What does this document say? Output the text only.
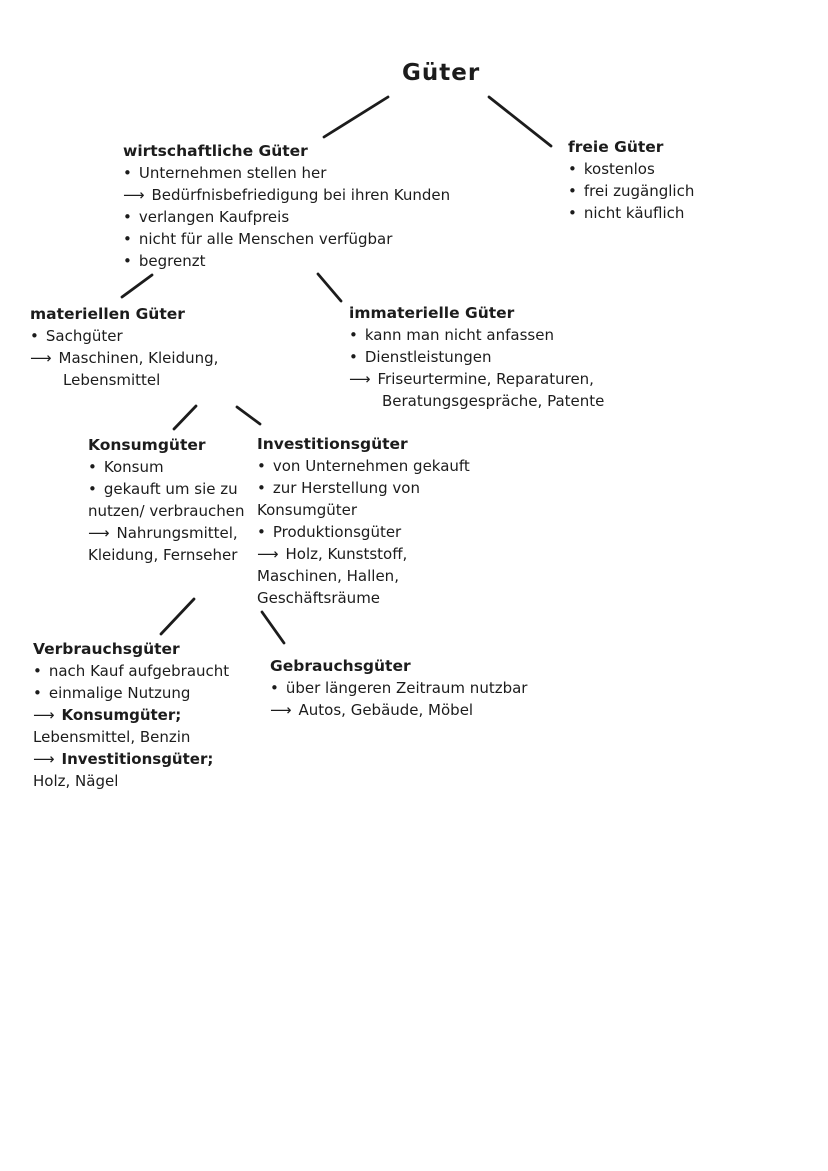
Güter
wirtschaftliche Güter
• Unternehmen stellen her
⟶ Bedürfnisbefriedigung bei ihren Kunden
• verlangen Kaufpreis
• nicht für alle Menschen verfügbar
• begrenzt
freie Güter
• kostenlos
• frei zugänglich
• nicht käuflich
materiellen Güter
• Sachgüter
⟶ Maschinen, Kleidung,
Lebensmittel
immaterielle Güter
• kann man nicht anfassen
• Dienstleistungen
⟶ Friseurtermine, Reparaturen,
Beratungsgespräche, Patente
Konsumgüter
• Konsum
• gekauft um sie zu
nutzen/ verbrauchen
⟶ Nahrungsmittel,
Kleidung, Fernseher
Investitionsgüter
• von Unternehmen gekauft
• zur Herstellung von
Konsumgüter
• Produktionsgüter
⟶ Holz, Kunststoff,
Maschinen, Hallen,
Geschäftsräume
Verbrauchsgüter
• nach Kauf aufgebraucht
• einmalige Nutzung
⟶ Konsumgüter;
Lebensmittel, Benzin
⟶ Investitionsgüter;
Holz, Nägel
Gebrauchsgüter
• über längeren Zeitraum nutzbar
⟶ Autos, Gebäude, Möbel
